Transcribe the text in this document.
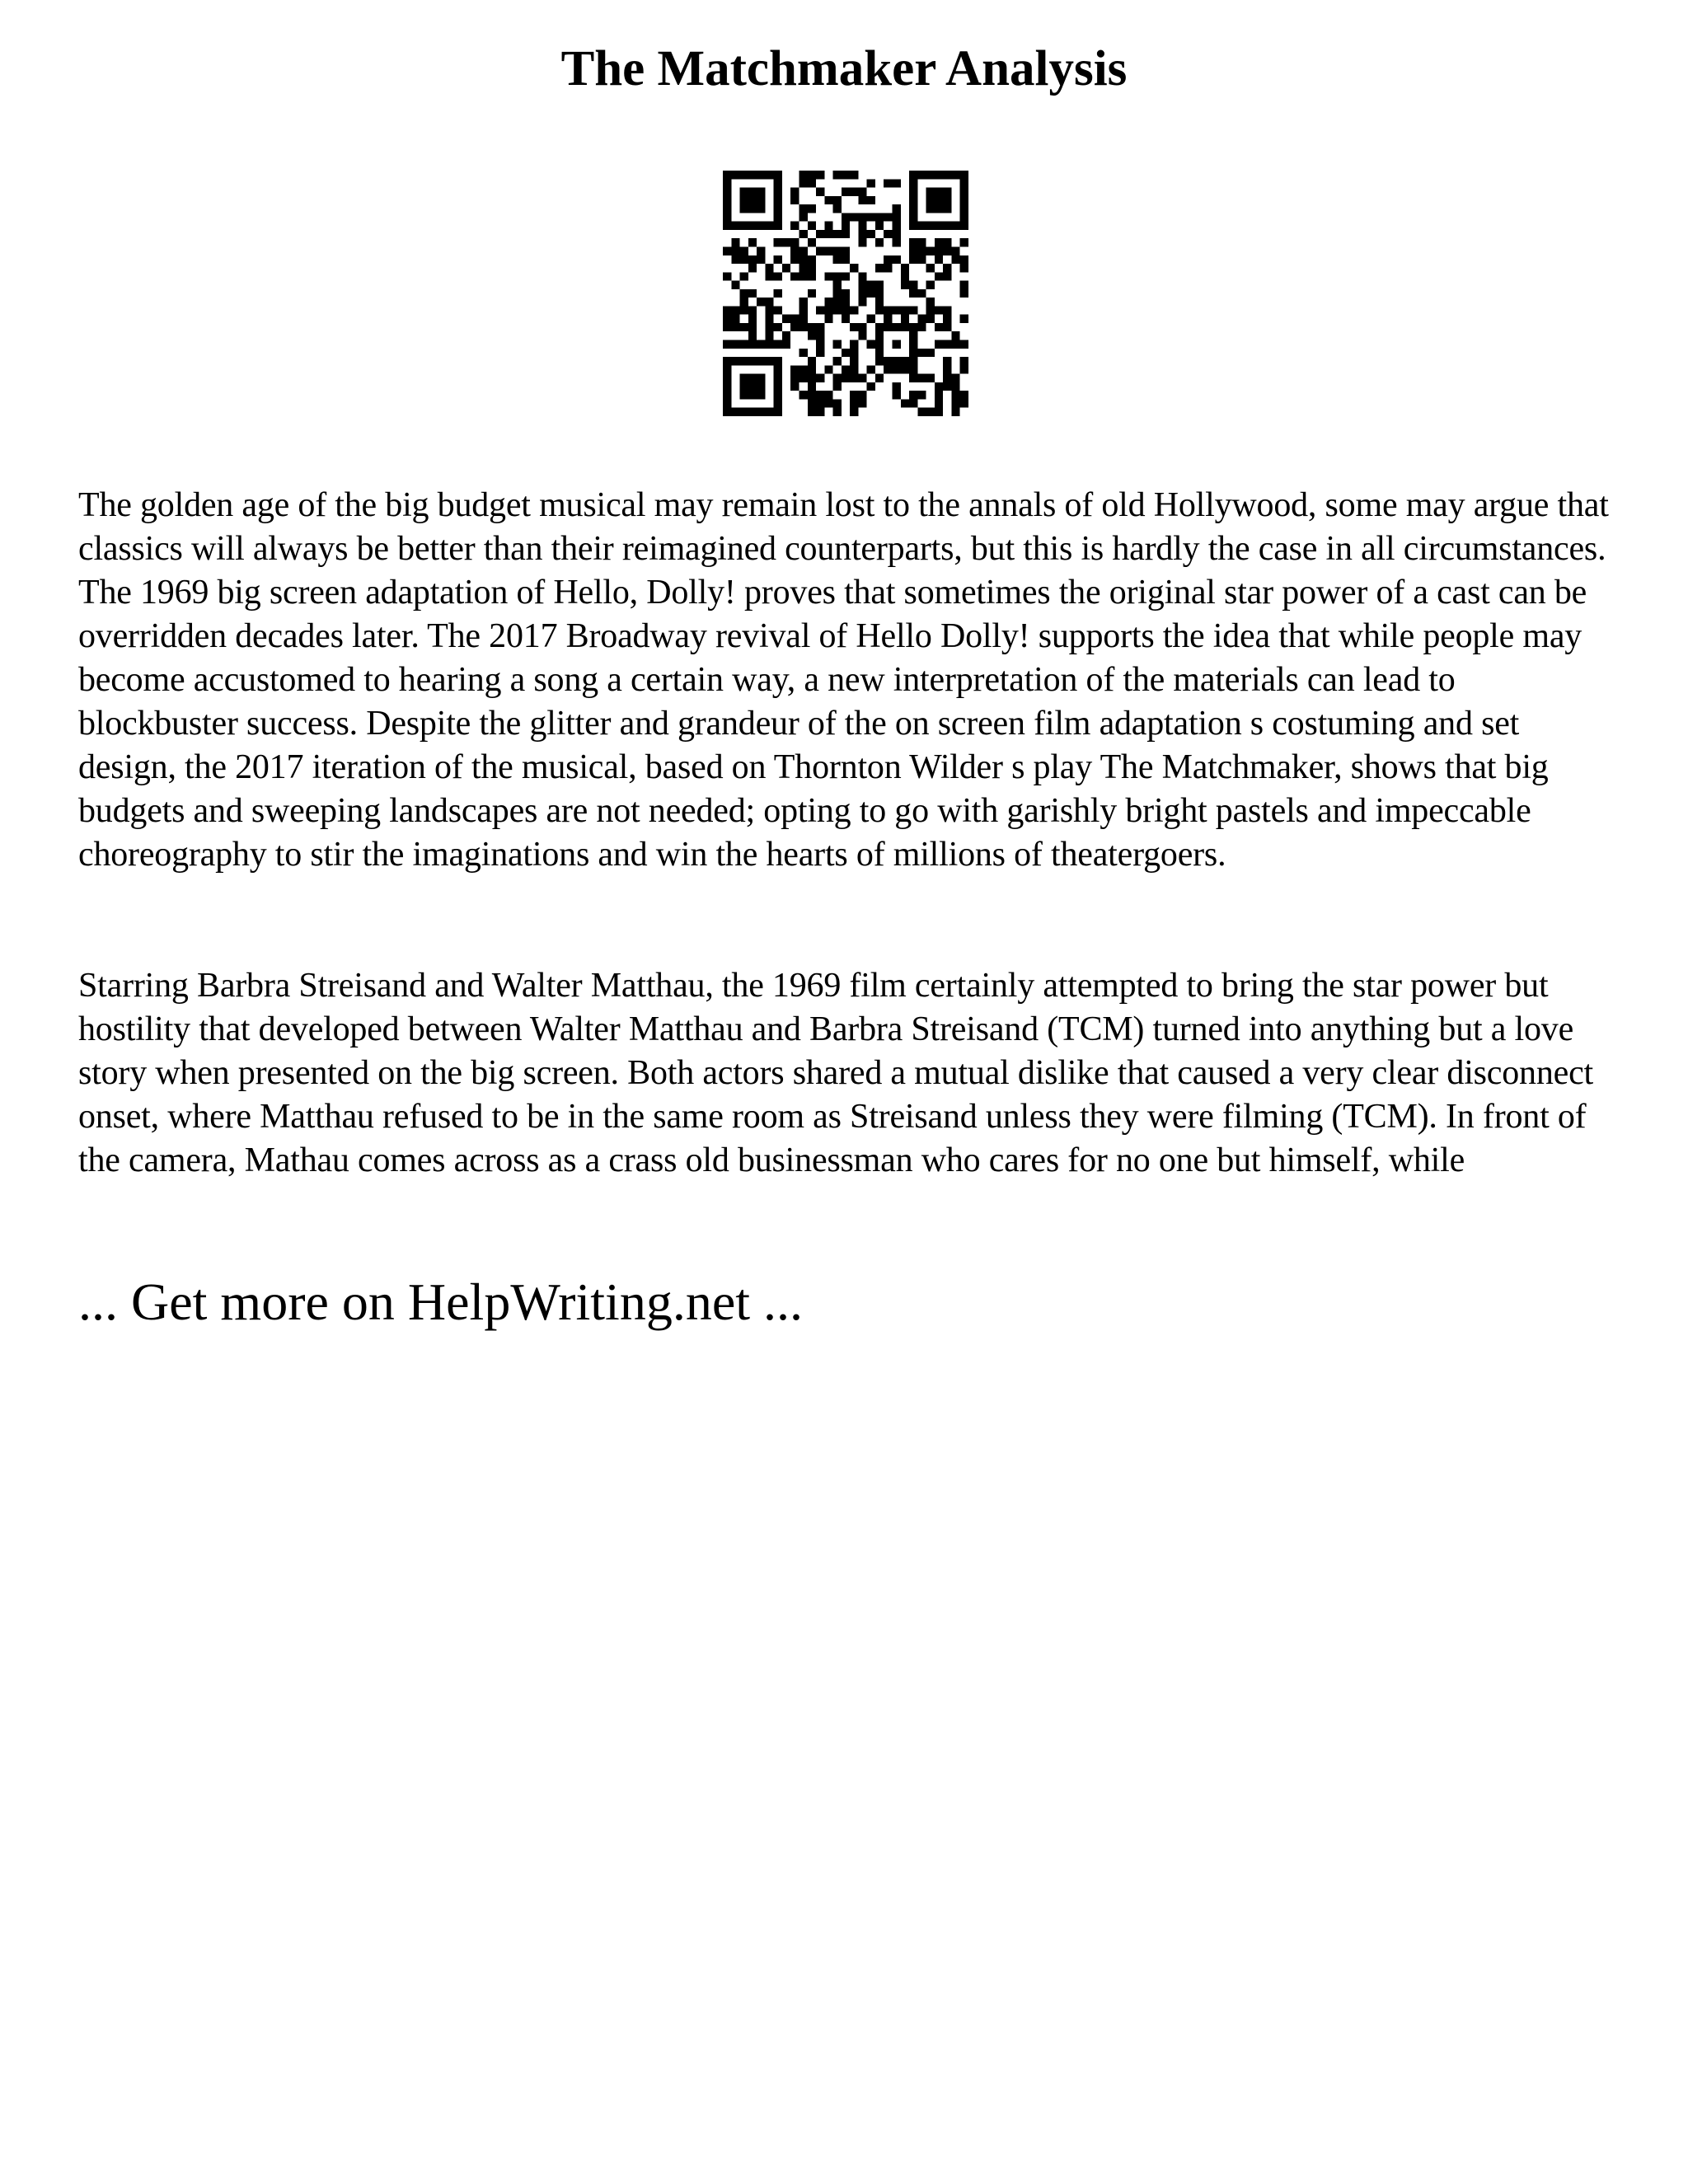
The Matchmaker Analysis

The golden age of the big budget musical may remain lost to the annals of old Hollywood, some may argue that classics will always be better than their reimagined counterparts, but this is hardly the case in all circumstances. The 1969 big screen adaptation of Hello, Dolly! proves that sometimes the original star power of a cast can be overridden decades later. The 2017 Broadway revival of Hello Dolly! supports the idea that while people may become accustomed to hearing a song a certain way, a new interpretation of the materials can lead to blockbuster success. Despite the glitter and grandeur of the on screen film adaptation s costuming and set design, the 2017 iteration of the musical, based on Thornton Wilder s play The Matchmaker, shows that big budgets and sweeping landscapes are not needed; opting to go with garishly bright pastels and impeccable choreography to stir the imaginations and win the hearts of millions of theatergoers.

Starring Barbra Streisand and Walter Matthau, the 1969 film certainly attempted to bring the star power but hostility that developed between Walter Matthau and Barbra Streisand (TCM) turned into anything but a love story when presented on the big screen. Both actors shared a mutual dislike that caused a very clear disconnect onset, where Matthau refused to be in the same room as Streisand unless they were filming (TCM). In front of the camera, Mathau comes across as a crass old businessman who cares for no one but himself, while

... Get more on HelpWriting.net ...
